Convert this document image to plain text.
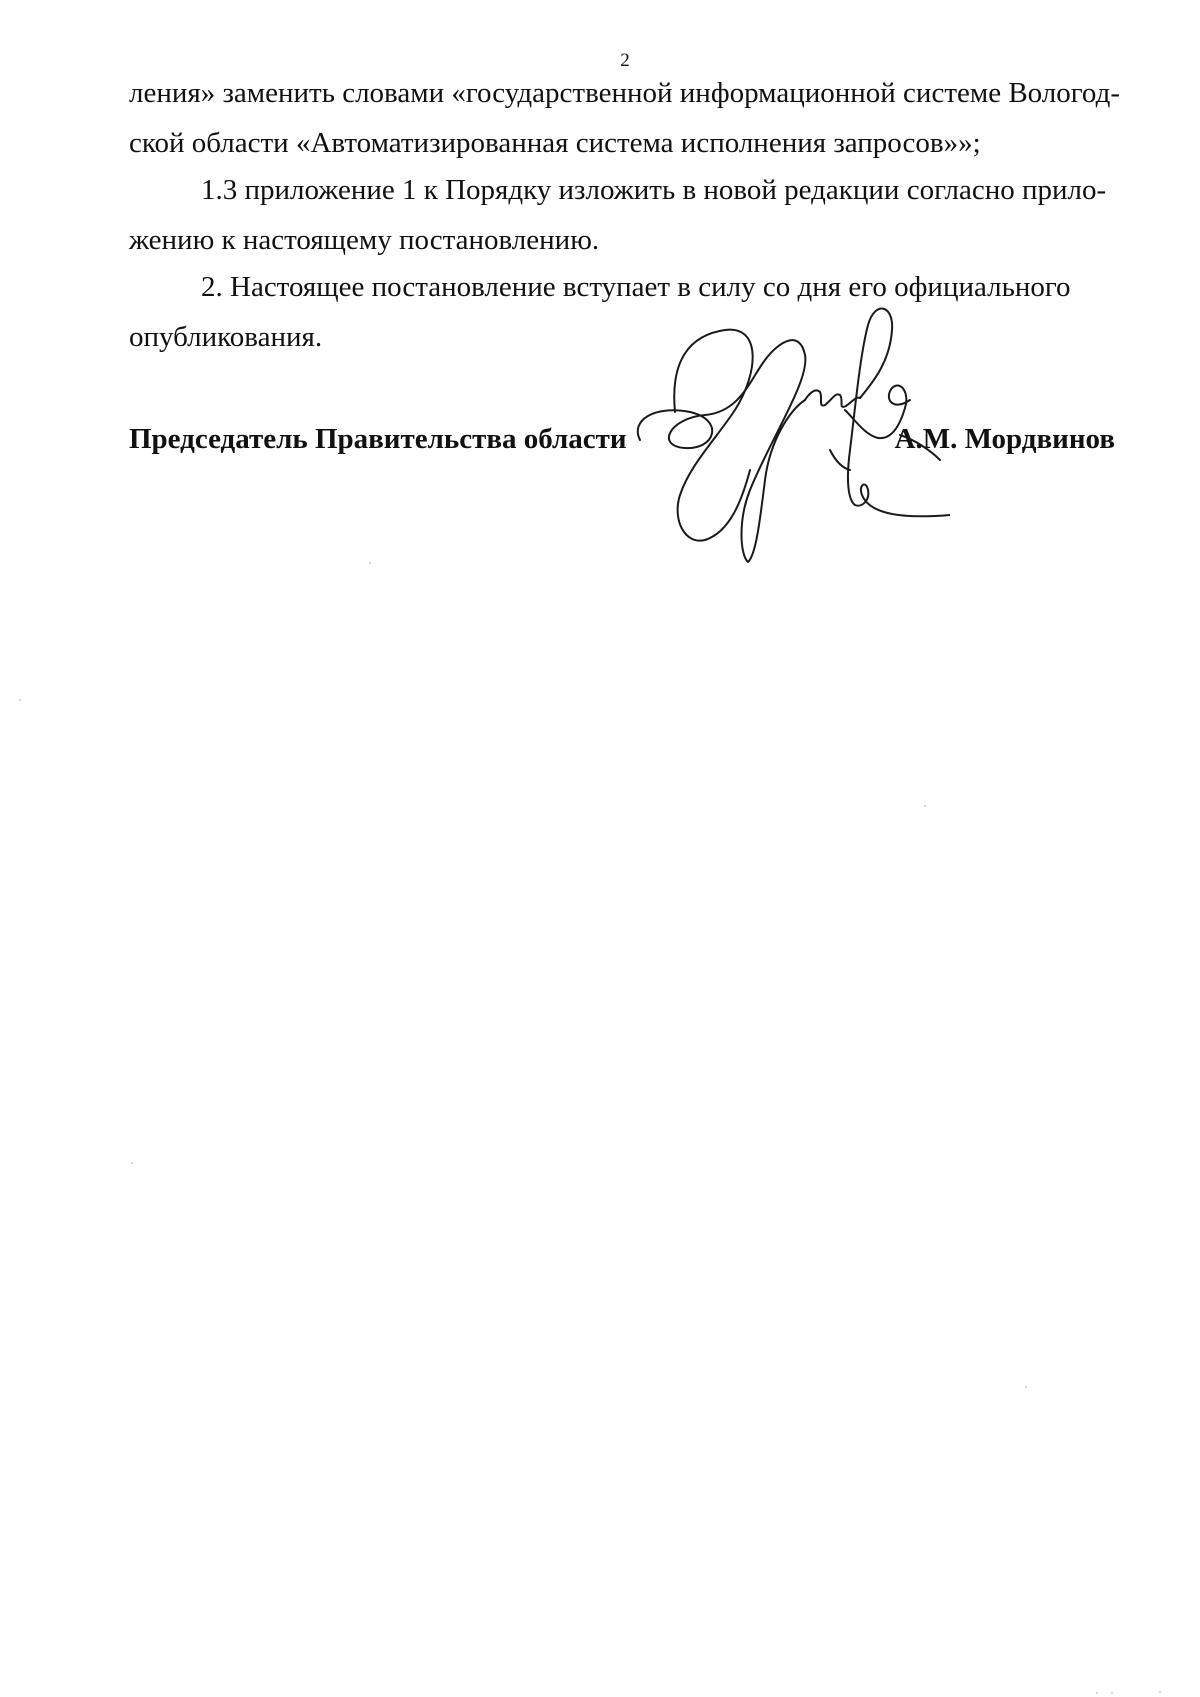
2

ления» заменить словами «государственной информационной системе Вологод-

ской области «Автоматизированная система исполнения запросов»»;

1.3 приложение 1 к Порядку изложить в новой редакции согласно прило-

жению к настоящему постановлению.

2. Настоящее постановление вступает в силу со дня его официального

опубликования.

Председатель Правительства области	А.М. Мордвинов
